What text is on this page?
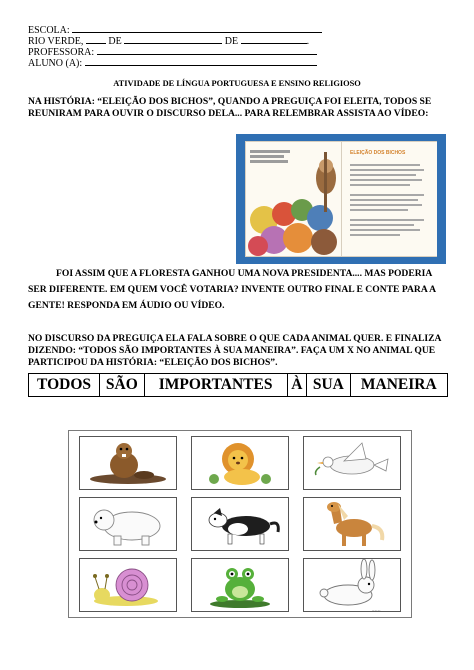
ESCOLA:
RIO VERDE,	DE	DE	.
PROFESSORA:
ALUNO (A):
ATIVIDADE DE LÍNGUA PORTUGUESA E ENSINO RELIGIOSO
NA HISTÓRIA: “ELEIÇÃO DOS BICHOS”, QUANDO A PREGUIÇA FOI ELEITA, TODOS SE REUNIRAM PARA OUVIR O DISCURSO DELA... PARA RELEMBRAR ASSISTA AO VÍDEO:
ELEIÇÃO DOS BICHOS
FOI ASSIM QUE A FLORESTA GANHOU UMA NOVA PRESIDENTA.... MAS PODERIA SER DIFERENTE. EM QUEM VOCÊ VOTARIA? INVENTE OUTRO FINAL E CONTE PARA A GENTE! RESPONDA EM ÁUDIO OU VÍDEO.
NO DISCURSO DA PREGUIÇA ELA FALA SOBRE O QUE CADA ANIMAL QUER. E FINALIZA DIZENDO: “TODOS SÃO IMPORTANTES À SUA MANEIRA”. FAÇA UM X NO ANIMAL QUE PARTICIPOU DA HISTÓRIA: “ELEIÇÃO DOS BICHOS”.
TODOS	SÃO	IMPORTANTES	À	SUA	MANEIRA
~~~
